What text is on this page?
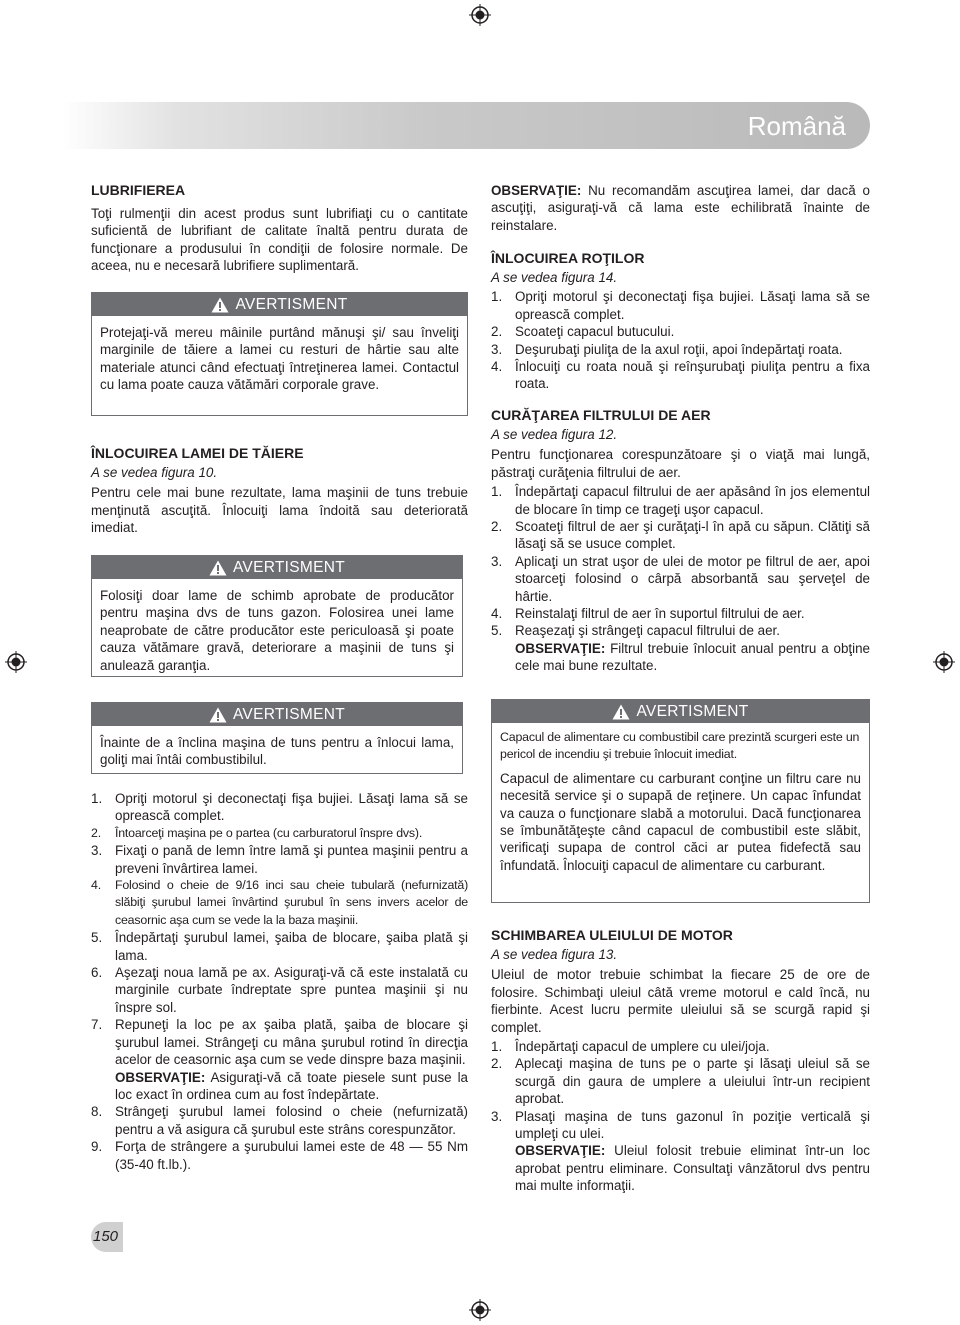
Română
LUBRIFIEREA
Toţi rulmenţii din acest produs sunt lubrifiaţi cu o cantitate suficientă de lubrifiant de calitate înaltă pentru durata de funcţionare a produsului în condiţii de folosire normale. De aceea, nu e necesară lubrifiere suplimentară.
AVERTISMENT
Protejaţi-vă mereu mâinile purtând mănuşi şi/ sau înveliţi marginile de tăiere a lamei cu resturi de hârtie sau alte materiale atunci când efectuaţi întreţinerea lamei. Contactul cu lama poate cauza vătămări corporale grave.
ÎNLOCUIREA LAMEI DE TĂIERE
A se vedea figura 10.
Pentru cele mai bune rezultate, lama maşinii de tuns trebuie menţinută ascuţită. Înlocuiţi lama îndoită sau deteriorată imediat.
AVERTISMENT
Folosiţi doar lame de schimb aprobate de producător pentru maşina dvs de tuns gazon. Folosirea unei lame neaprobate de către producător este periculoasă şi poate cauza vătămare gravă, deteriorare a maşinii de tuns şi anulează garanţia.
AVERTISMENT
Înainte de a înclina maşina de tuns pentru a înlocui lama, goliţi mai întâi combustibilul.
1. Opriţi motorul şi deconectaţi fişa bujiei. Lăsaţi lama să se oprească complet.
2. Întoarceţi maşina pe o partea (cu carburatorul înspre dvs).
3. Fixaţi o pană de lemn între lamă şi puntea maşinii pentru a preveni învârtirea lamei.
4. Folosind o cheie de 9/16 inci sau cheie tubulară (nefurnizată) slăbiţi şurubul lamei învârtind şurubul în sens invers acelor de ceasornic aşa cum se vede la la baza maşinii.
5. Îndepărtaţi şurubul lamei, şaiba de blocare, şaiba plată şi lama.
6. Aşezaţi noua lamă pe ax. Asiguraţi-vă că este instalată cu marginile curbate îndreptate spre puntea maşinii şi nu înspre sol.
7. Repuneţi la loc pe ax şaiba plată, şaiba de blocare şi şurubul lamei. Strângeţi cu mâna şurubul rotind în direcţia acelor de ceasornic aşa cum se vede dinspre baza maşinii.
OBSERVAŢIE: Asiguraţi-vă că toate piesele sunt puse la loc exact în ordinea cum au fost îndepărtate.
8. Strângeţi şurubul lamei folosind o cheie (nefurnizată) pentru a vă asigura că şurubul este strâns corespunzător.
9. Forţa de strângere a şurubului lamei este de 48 — 55 Nm (35-40 ft.lb.).
OBSERVAŢIE: Nu recomandăm ascuţirea lamei, dar dacă o ascuţiţi, asiguraţi-vă că lama este echilibrată înainte de reinstalare.
ÎNLOCUIREA ROŢILOR
A se vedea figura 14.
1. Opriţi motorul şi deconectaţi fişa bujiei. Lăsaţi lama să se oprească complet.
2. Scoateţi capacul butucului.
3. Deşurubaţi piuliţa de la axul roţii, apoi îndepărtaţi roata.
4. Înlocuiţi cu roata nouă şi reînşurubaţi piuliţa pentru a fixa roata.
CURĂŢAREA FILTRULUI DE AER
A se vedea figura 12.
Pentru funcţionarea corespunzătoare şi o viaţă mai lungă, păstraţi curăţenia filtrului de aer.
1. Îndepărtaţi capacul filtrului de aer apăsând în jos elementul de blocare în timp ce trageţi uşor capacul.
2. Scoateţi filtrul de aer şi curăţaţi-l în apă cu săpun. Clătiţi să lăsaţi să se usuce complet.
3. Aplicaţi un strat uşor de ulei de motor pe filtrul de aer, apoi stoarceţi folosind o cârpă absorbantă sau şerveţel de hârtie.
4. Reinstalaţi filtrul de aer în suportul filtrului de aer.
5. Reaşezaţi şi strângeţi capacul filtrului de aer.
OBSERVAŢIE: Filtrul trebuie înlocuit anual pentru a obţine cele mai bune rezultate.
AVERTISMENT
Capacul de alimentare cu combustibil care prezintă scurgeri este un pericol de incendiu şi trebuie înlocuit imediat.
Capacul de alimentare cu carburant conţine un filtru care nu necesită service şi o supapă de reţinere. Un capac înfundat va cauza o funcţionare slabă a motorului. Dacă funcţionarea se îmbunătăţeşte când capacul de combustibil este slăbit, verificaţi supapa de control căci ar putea fidefectă sau înfundată. Înlocuiţi capacul de alimentare cu carburant.
SCHIMBAREA ULEIULUI DE MOTOR
A se vedea figura 13.
Uleiul de motor trebuie schimbat la fiecare 25 de ore de folosire. Schimbaţi uleiul câtă vreme motorul e cald încă, nu fierbinte. Acest lucru permite uleiului să se scurgă rapid şi complet.
1. Îndepărtaţi capacul de umplere cu ulei/joja.
2. Aplecaţi maşina de tuns pe o parte şi lăsaţi uleiul să se scurgă din gaura de umplere a uleiului într-un recipient aprobat.
3. Plasaţi maşina de tuns gazonul în poziţie verticală şi umpleţi cu ulei.
OBSERVAŢIE: Uleiul folosit trebuie eliminat într-un loc aprobat pentru eliminare. Consultaţi vânzătorul dvs pentru mai multe informaţii.
150
